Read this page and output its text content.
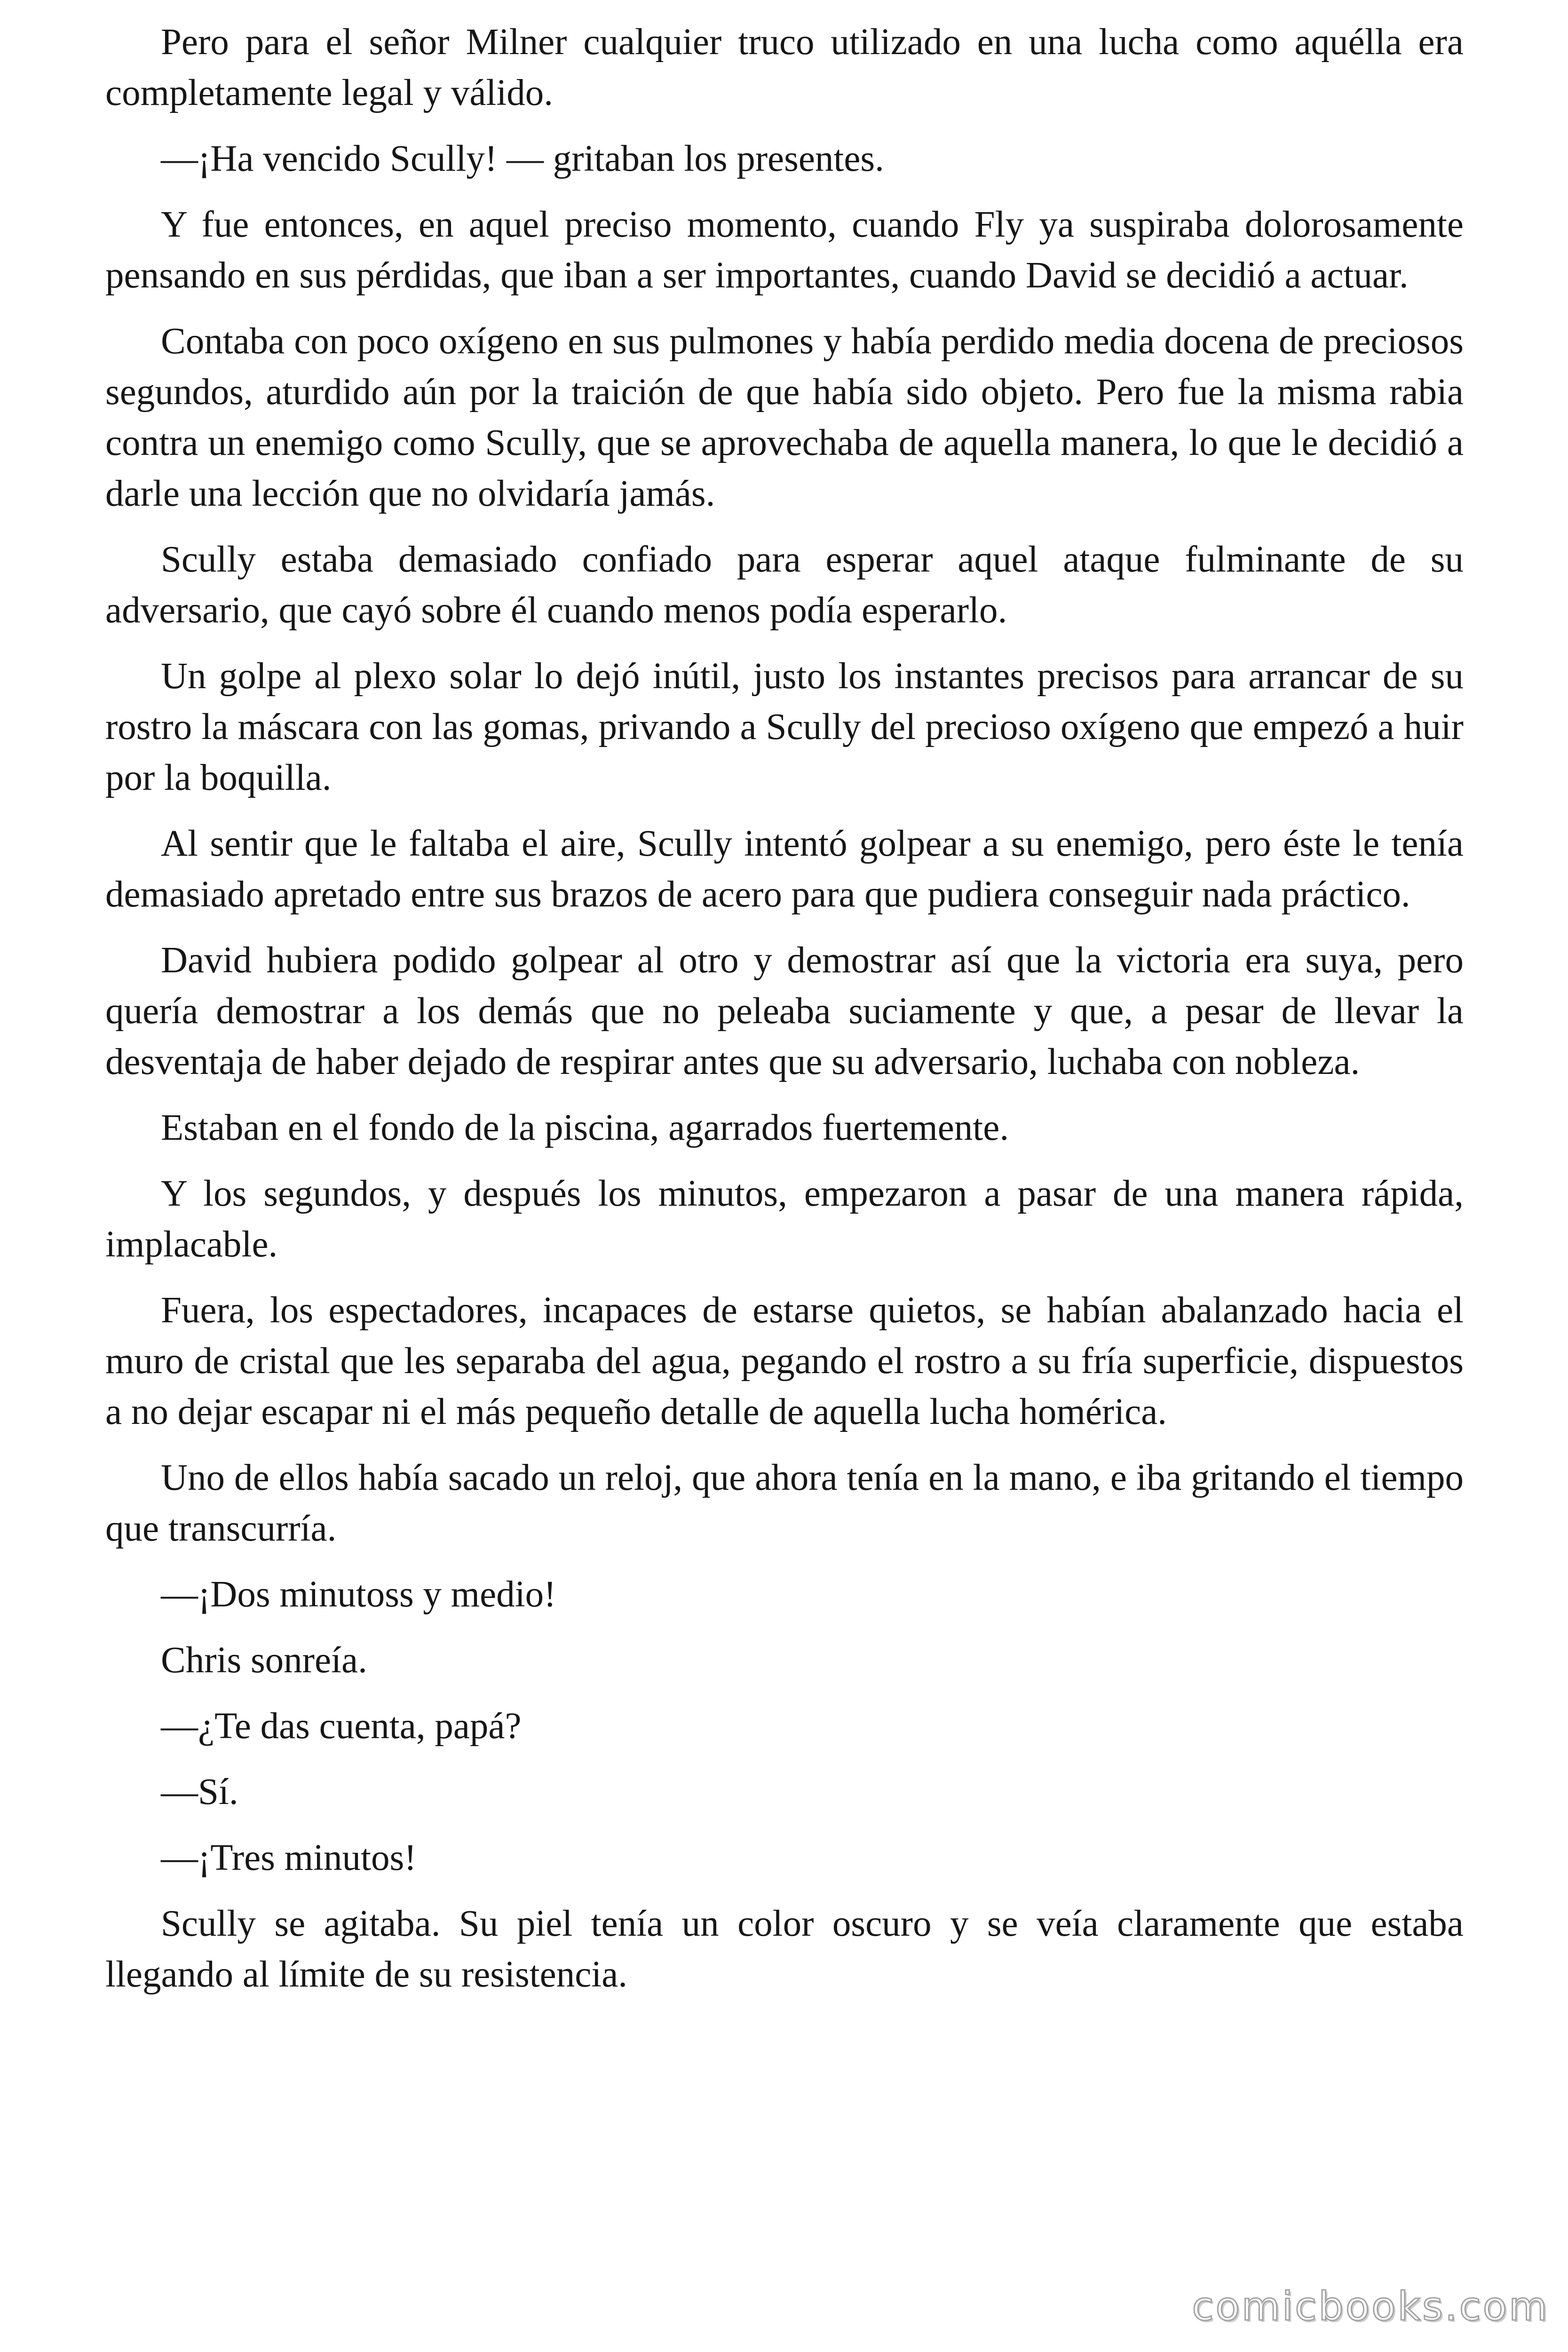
Pero para el señor Milner cualquier truco utilizado en una lucha como aquélla era completamente legal y válido.

—¡Ha vencido Scully! — gritaban los presentes.

Y fue entonces, en aquel preciso momento, cuando Fly ya suspiraba dolorosamente pensando en sus pérdidas, que iban a ser importantes, cuando David se decidió a actuar.

Contaba con poco oxígeno en sus pulmones y había perdido media docena de preciosos segundos, aturdido aún por la traición de que había sido objeto. Pero fue la misma rabia contra un enemigo como Scully, que se aprovechaba de aquella manera, lo que le decidió a darle una lección que no olvidaría jamás.

Scully estaba demasiado confiado para esperar aquel ataque fulminante de su adversario, que cayó sobre él cuando menos podía esperarlo.

Un golpe al plexo solar lo dejó inútil, justo los instantes precisos para arrancar de su rostro la máscara con las gomas, privando a Scully del precioso oxígeno que empezó a huir por la boquilla.

Al sentir que le faltaba el aire, Scully intentó golpear a su enemigo, pero éste le tenía demasiado apretado entre sus brazos de acero para que pudiera conseguir nada práctico.

David hubiera podido golpear al otro y demostrar así que la victoria era suya, pero quería demostrar a los demás que no peleaba suciamente y que, a pesar de llevar la desventaja de haber dejado de respirar antes que su adversario, luchaba con nobleza.

Estaban en el fondo de la piscina, agarrados fuertemente.

Y los segundos, y después los minutos, empezaron a pasar de una manera rápida, implacable.

Fuera, los espectadores, incapaces de estarse quietos, se habían abalanzado hacia el muro de cristal que les separaba del agua, pegando el rostro a su fría superficie, dispuestos a no dejar escapar ni el más pequeño detalle de aquella lucha homérica.

Uno de ellos había sacado un reloj, que ahora tenía en la mano, e iba gritando el tiempo que transcurría.

—¡Dos minutoss y medio!

Chris sonreía.

—¿Te das cuenta, papá?

—Sí.

—¡Tres minutos!

Scully se agitaba. Su piel tenía un color oscuro y se veía claramente que estaba llegando al límite de su resistencia.

comicbooks.com
